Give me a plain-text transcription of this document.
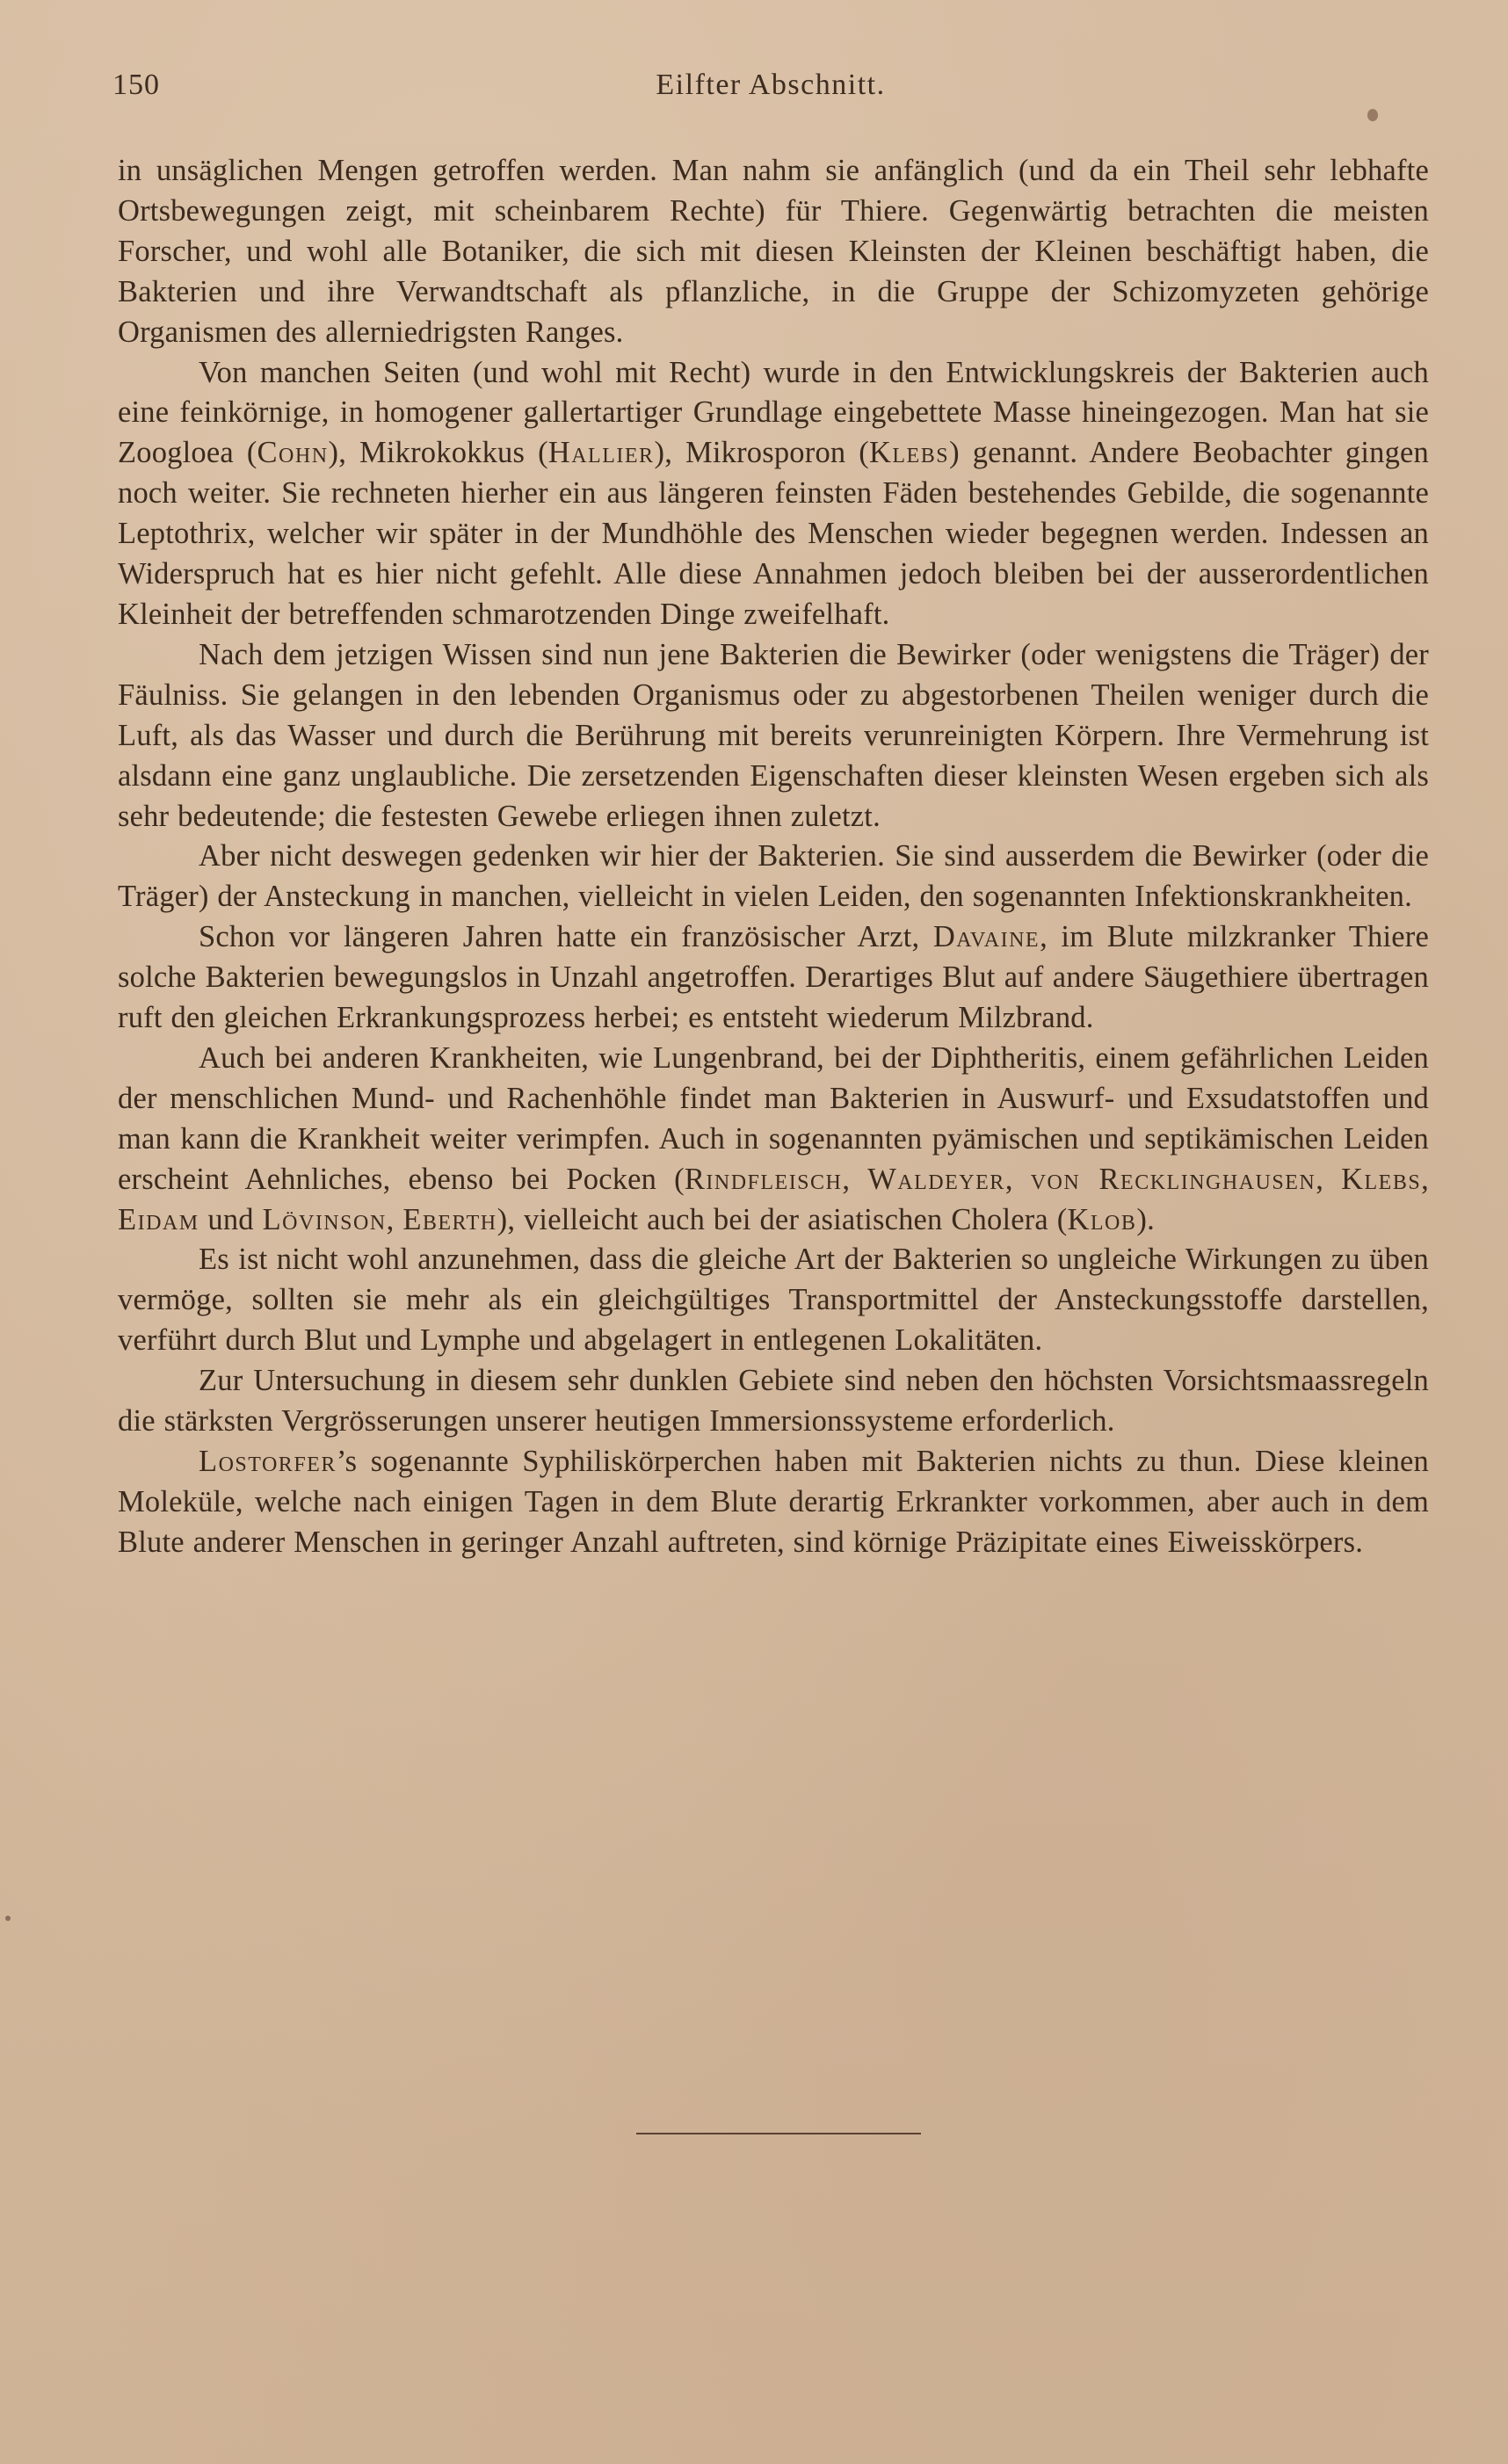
150	Eilfter Abschnitt.

in unsäglichen Mengen getroffen werden. Man nahm sie anfänglich (und da ein Theil sehr lebhafte Ortsbewegungen zeigt, mit scheinbarem Rechte) für Thiere. Gegenwärtig betrachten die meisten Forscher, und wohl alle Botaniker, die sich mit diesen Kleinsten der Kleinen beschäftigt haben, die Bakterien und ihre Verwandtschaft als pflanzliche, in die Gruppe der Schizomyzeten gehörige Organismen des allerniedrigsten Ranges.

Von manchen Seiten (und wohl mit Recht) wurde in den Entwicklungskreis der Bakterien auch eine feinkörnige, in homogener gallertartiger Grundlage eingebettete Masse hineingezogen. Man hat sie Zoogloea (Cohn), Mikrokokkus (Hallier), Mikrosporon (Klebs) genannt. Andere Beobachter gingen noch weiter. Sie rechneten hierher ein aus längeren feinsten Fäden bestehendes Gebilde, die sogenannte Leptothrix, welcher wir später in der Mundhöhle des Menschen wieder begegnen werden. Indessen an Widerspruch hat es hier nicht gefehlt. Alle diese Annahmen jedoch bleiben bei der ausserordentlichen Kleinheit der betreffenden schmarotzenden Dinge zweifelhaft.

Nach dem jetzigen Wissen sind nun jene Bakterien die Bewirker (oder wenigstens die Träger) der Fäulniss. Sie gelangen in den lebenden Organismus oder zu abgestorbenen Theilen weniger durch die Luft, als das Wasser und durch die Berührung mit bereits verunreinigten Körpern. Ihre Vermehrung ist alsdann eine ganz unglaubliche. Die zersetzenden Eigenschaften dieser kleinsten Wesen ergeben sich als sehr bedeutende; die festesten Gewebe erliegen ihnen zuletzt.

Aber nicht deswegen gedenken wir hier der Bakterien. Sie sind ausserdem die Bewirker (oder die Träger) der Ansteckung in manchen, vielleicht in vielen Leiden, den sogenannten Infektionskrankheiten.

Schon vor längeren Jahren hatte ein französischer Arzt, Davaine, im Blute milzkranker Thiere solche Bakterien bewegungslos in Unzahl angetroffen. Derartiges Blut auf andere Säugethiere übertragen ruft den gleichen Erkrankungsprozess herbei; es entsteht wiederum Milzbrand.

Auch bei anderen Krankheiten, wie Lungenbrand, bei der Diphtheritis, einem gefährlichen Leiden der menschlichen Mund- und Rachenhöhle findet man Bakterien in Auswurf- und Exsudatstoffen und man kann die Krankheit weiter verimpfen. Auch in sogenannten pyämischen und septikämischen Leiden erscheint Aehnliches, ebenso bei Pocken (Rindfleisch, Waldeyer, von Recklinghausen, Klebs, Eidam und Lövinson, Eberth), vielleicht auch bei der asiatischen Cholera (Klob).

Es ist nicht wohl anzunehmen, dass die gleiche Art der Bakterien so ungleiche Wirkungen zu üben vermöge, sollten sie mehr als ein gleichgültiges Transportmittel der Ansteckungsstoffe darstellen, verführt durch Blut und Lymphe und abgelagert in entlegenen Lokalitäten.

Zur Untersuchung in diesem sehr dunklen Gebiete sind neben den höchsten Vorsichtsmaassregeln die stärksten Vergrösserungen unserer heutigen Immersionssysteme erforderlich.

Lostorfer’s sogenannte Syphiliskörperchen haben mit Bakterien nichts zu thun. Diese kleinen Moleküle, welche nach einigen Tagen in dem Blute derartig Erkrankter vorkommen, aber auch in dem Blute anderer Menschen in geringer Anzahl auftreten, sind körnige Präzipitate eines Eiweisskörpers.
